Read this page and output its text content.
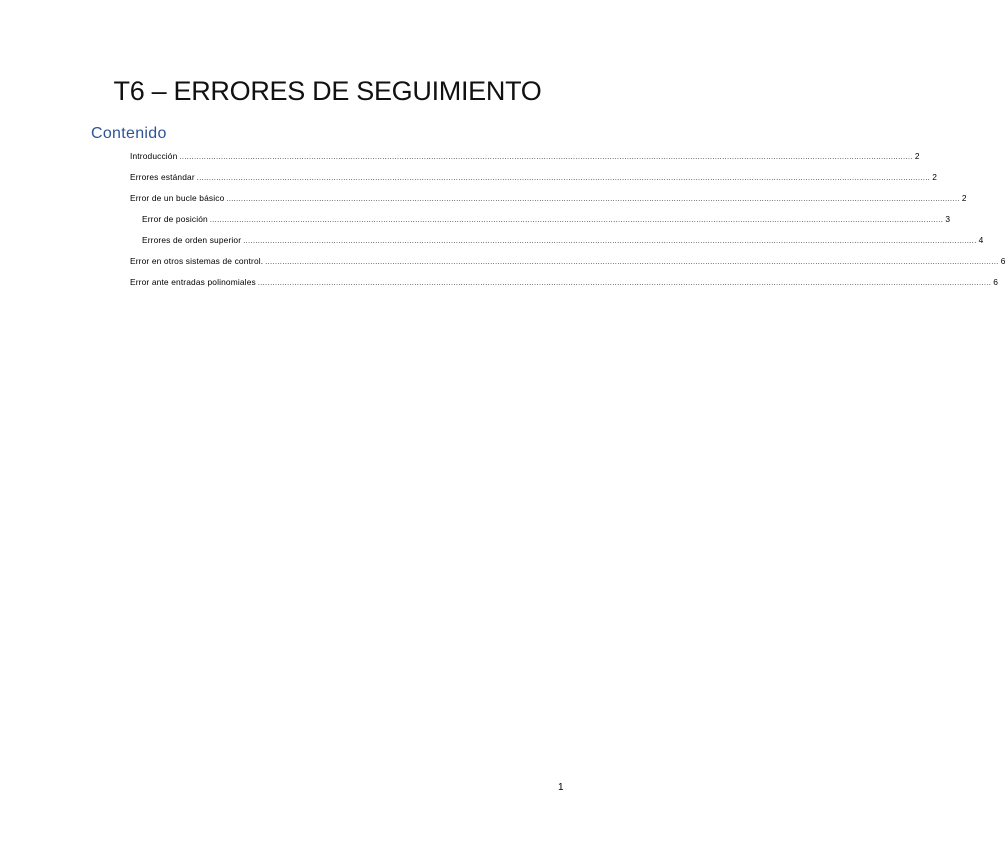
T6 – ERRORES DE SEGUIMIENTO
Contenido
Introducción ............................................................................................................................................................................................................................................................................................................ 2
Errores estándar ............................................................................................................................................................................................................................................................................................................ 2
Error de un bucle básico ............................................................................................................................................................................................................................................................................................................ 2
Error de posición ............................................................................................................................................................................................................................................................................................................ 3
Errores de orden superior ............................................................................................................................................................................................................................................................................................................ 4
Error en otros sistemas de control. ............................................................................................................................................................................................................................................................................................................ 6
Error ante entradas polinomiales ............................................................................................................................................................................................................................................................................................................ 6
1
